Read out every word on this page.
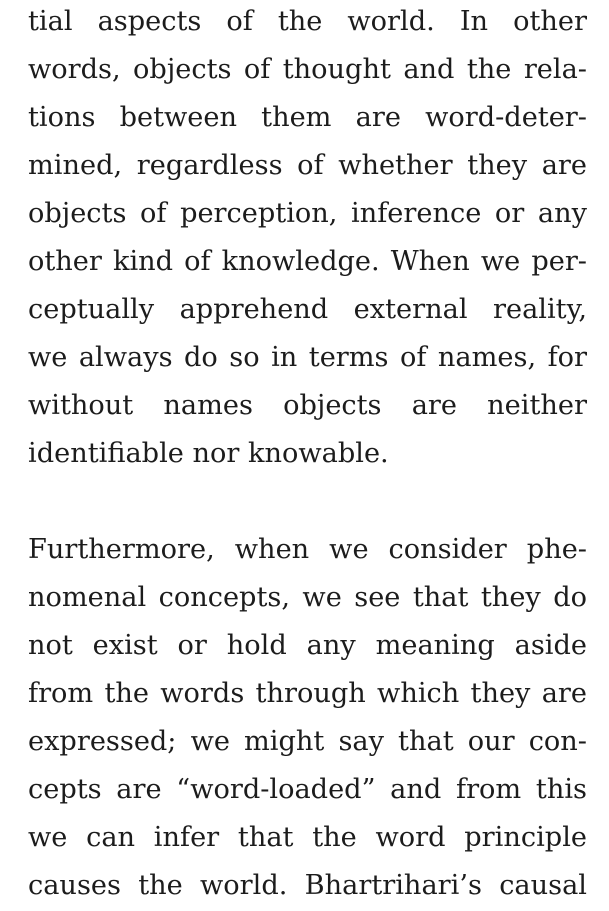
tial aspects of the world. In other
words, objects of thought and the rela-
tions between them are word-deter-
mined, regardless of whether they are
objects of perception, inference or any
other kind of knowledge. When we per-
ceptually apprehend external reality,
we always do so in terms of names, for
without names objects are neither
identifiable nor knowable.
Furthermore, when we consider phe-
nomenal concepts, we see that they do
not exist or hold any meaning aside
from the words through which they are
expressed; we might say that our con-
cepts are “word-loaded” and from this
we can infer that the word principle
causes the world. Bhartrihari’s causal
